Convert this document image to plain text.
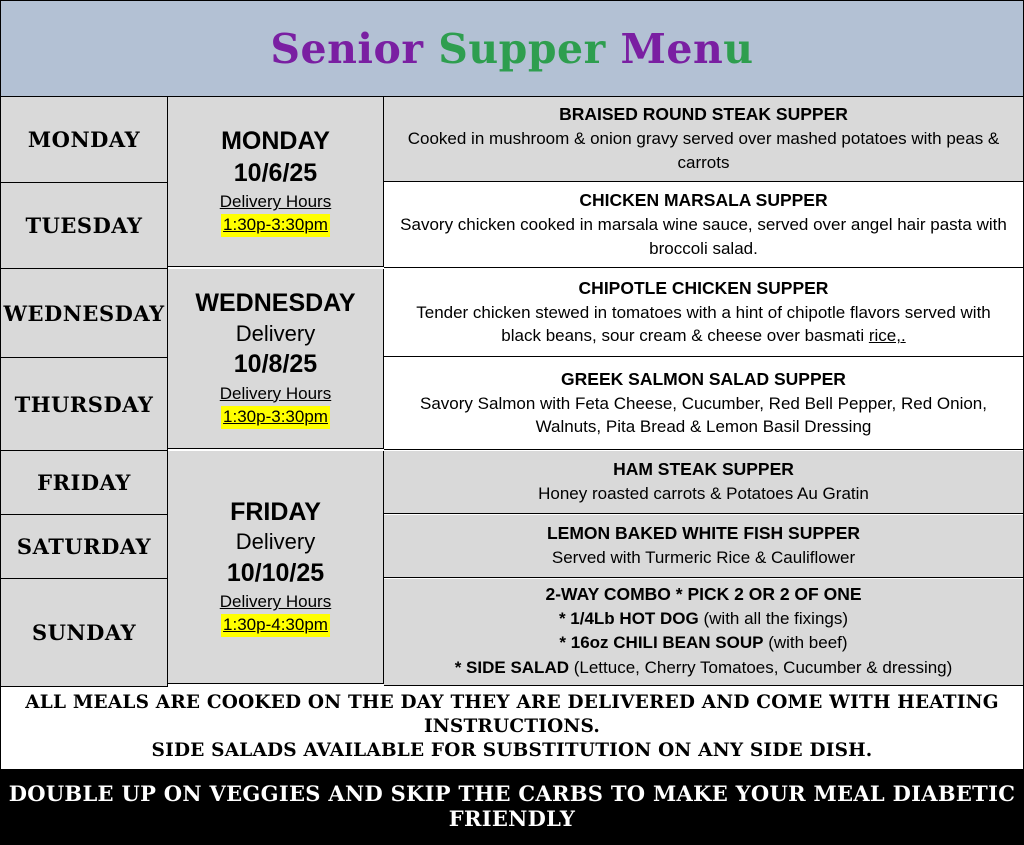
Senior Supper Menu
MONDAY	MONDAY
10/6/25
Delivery Hours
1:30p-3:30pm
BRAISED ROUND STEAK SUPPER
Cooked in mushroom & onion gravy served over mashed potatoes with peas & carrots
TUESDAY
CHICKEN MARSALA SUPPER
Savory chicken cooked in marsala wine sauce, served over angel hair pasta with broccoli salad.
WEDNESDAY WEDNESDAY
Delivery
10/8/25
Delivery Hours
1:30p-3:30pm
CHIPOTLE CHICKEN SUPPER
Tender chicken stewed in tomatoes with a hint of chipotle flavors served with black beans, sour cream & cheese over basmati rice,.
THURSDAY
GREEK SALMON SALAD SUPPER
Savory Salmon with Feta Cheese, Cucumber, Red Bell Pepper, Red Onion, Walnuts, Pita Bread & Lemon Basil Dressing
FRIDAY
FRIDAY
Delivery
10/10/25
Delivery Hours
1:30p-4:30pm
HAM STEAK SUPPER
Honey roasted carrots & Potatoes Au Gratin
SATURDAY
LEMON BAKED WHITE FISH SUPPER
Served with Turmeric Rice & Cauliflower
SUNDAY
2-WAY COMBO * PICK 2 OR 2 OF ONE
* 1/4Lb HOT DOG (with all the fixings)
* 16oz CHILI BEAN SOUP (with beef)
* SIDE SALAD (Lettuce, Cherry Tomatoes, Cucumber & dressing)
ALL MEALS ARE COOKED ON THE DAY THEY ARE DELIVERED AND COME WITH HEATING INSTRUCTIONS.
SIDE SALADS AVAILABLE FOR SUBSTITUTION ON ANY SIDE DISH.
DOUBLE UP ON VEGGIES AND SKIP THE CARBS TO MAKE YOUR MEAL DIABETIC FRIENDLY
